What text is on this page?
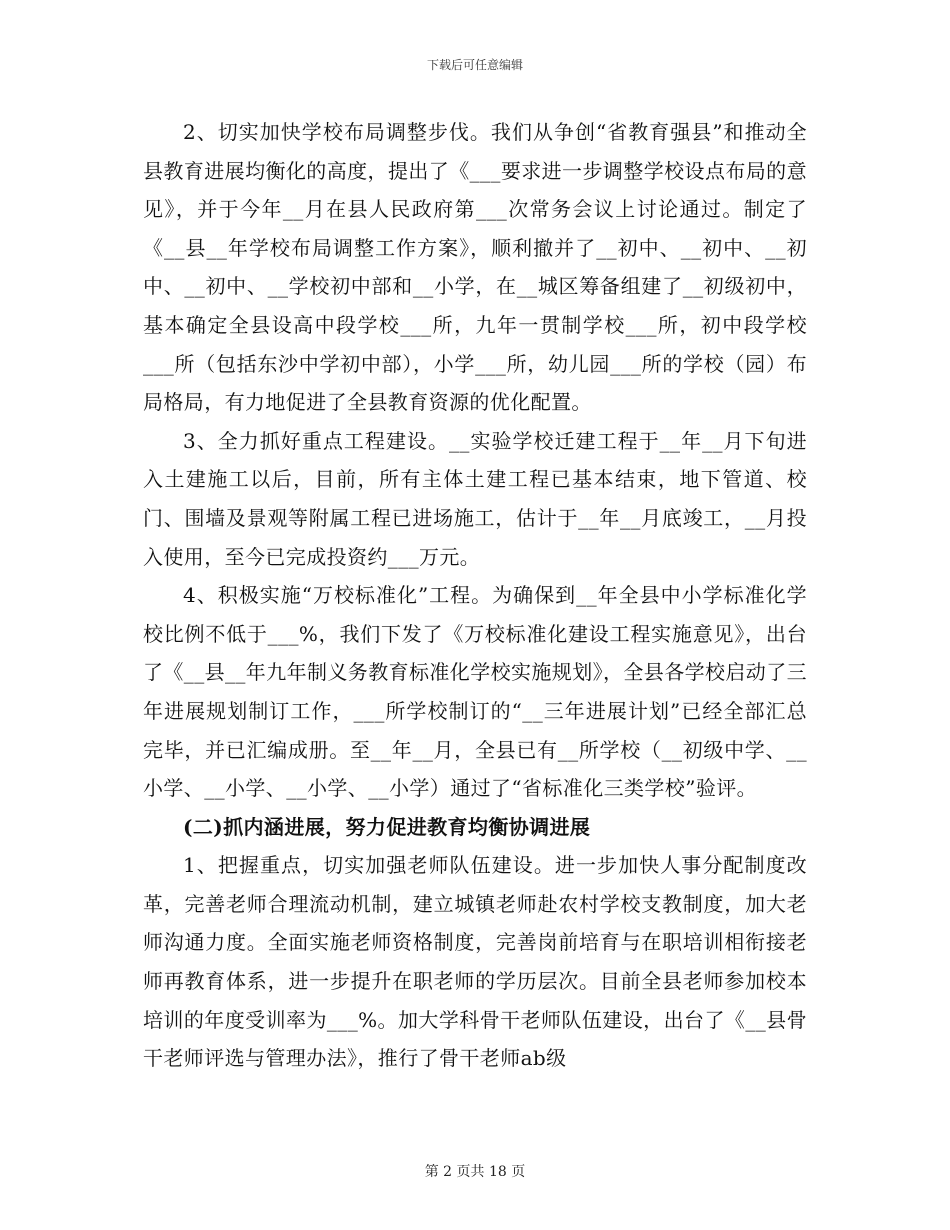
下载后可任意编辑

2、切实加快学校布局调整步伐。我们从争创“省教育强县”和推动全县教育进展均衡化的高度，提出了《___要求进一步调整学校设点布局的意见》，并于今年__月在县人民政府第___次常务会议上讨论通过。制定了《__县__年学校布局调整工作方案》，顺利撤并了__初中、__初中、__初中、__初中、__学校初中部和__小学，在__城区筹备组建了__初级初中，基本确定全县设高中段学校___所，九年一贯制学校___所，初中段学校___所（包括东沙中学初中部），小学___所，幼儿园___所的学校（园）布局格局，有力地促进了全县教育资源的优化配置。

3、全力抓好重点工程建设。__实验学校迁建工程于__年__月下旬进入土建施工以后，目前，所有主体土建工程已基本结束，地下管道、校门、围墙及景观等附属工程已进场施工，估计于__年__月底竣工，__月投入使用，至今已完成投资约___万元。

4、积极实施“万校标准化”工程。为确保到__年全县中小学标准化学校比例不低于___%，我们下发了《万校标准化建设工程实施意见》，出台了《__县__年九年制义务教育标准化学校实施规划》，全县各学校启动了三年进展规划制订工作，___所学校制订的“__三年进展计划”已经全部汇总完毕，并已汇编成册。至__年__月，全县已有__所学校（__初级中学、__小学、__小学、__小学、__小学）通过了“省标准化三类学校”验评。

(二)抓内涵进展，努力促进教育均衡协调进展

1、把握重点，切实加强老师队伍建设。进一步加快人事分配制度改革，完善老师合理流动机制，建立城镇老师赴农村学校支教制度，加大老师沟通力度。全面实施老师资格制度，完善岗前培育与在职培训相衔接老师再教育体系，进一步提升在职老师的学历层次。目前全县老师参加校本培训的年度受训率为___%。加大学科骨干老师队伍建设，出台了《__县骨干老师评选与管理办法》，推行了骨干老师ab级

第 2 页共 18 页
